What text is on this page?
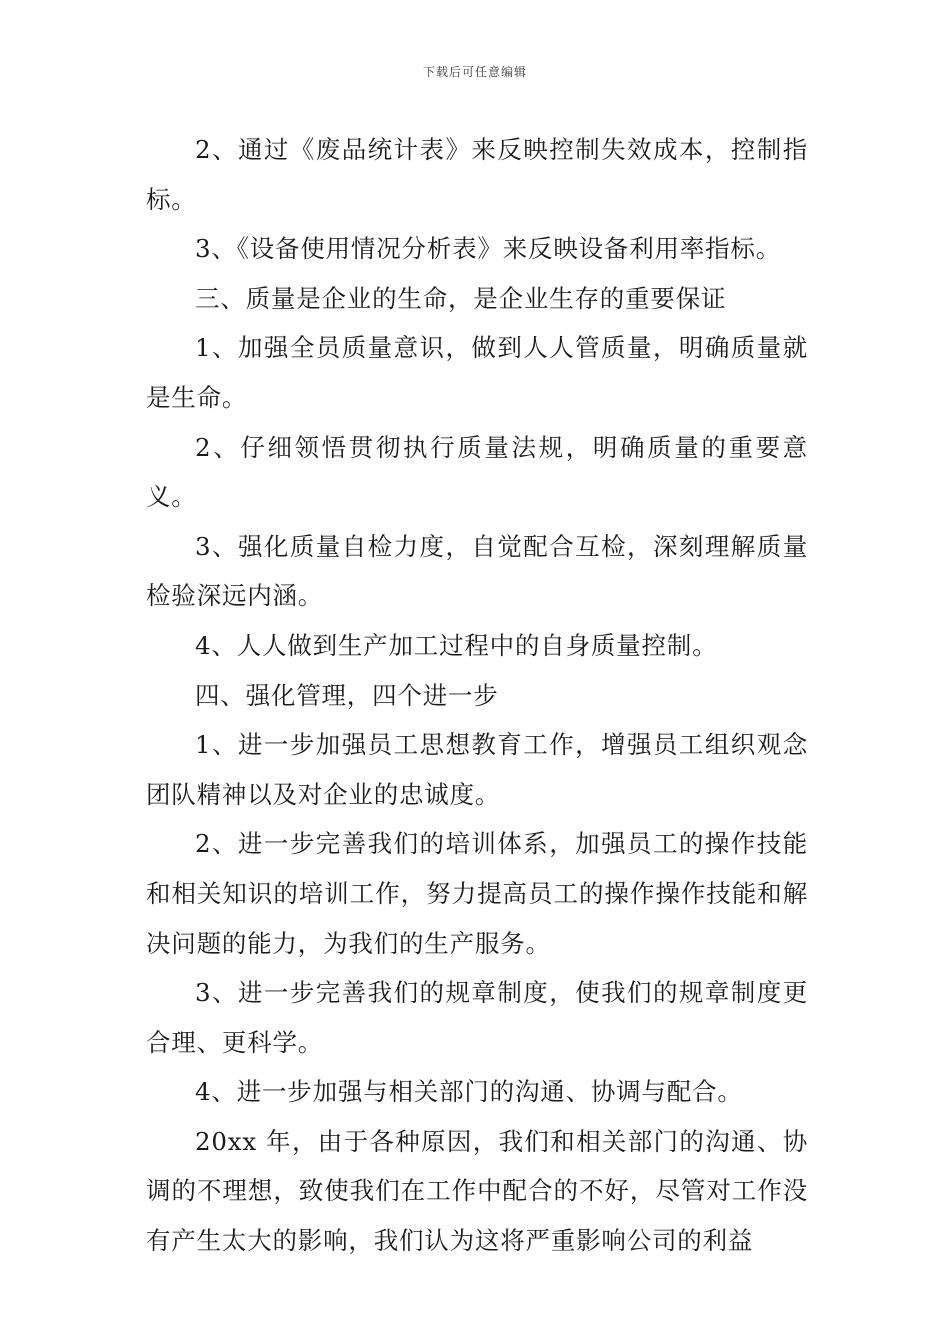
下载后可任意编辑

2、通过《废品统计表》来反映控制失效成本，控制指标。

3、《设备使用情况分析表》来反映设备利用率指标。

三、质量是企业的生命，是企业生存的重要保证

1、加强全员质量意识，做到人人管质量，明确质量就是生命。

2、仔细领悟贯彻执行质量法规，明确质量的重要意义。

3、强化质量自检力度，自觉配合互检，深刻理解质量检验深远内涵。

4、人人做到生产加工过程中的自身质量控制。

四、强化管理，四个进一步

1、进一步加强员工思想教育工作，增强员工组织观念团队精神以及对企业的忠诚度。

2、进一步完善我们的培训体系，加强员工的操作技能和相关知识的培训工作，努力提高员工的操作操作技能和解决问题的能力，为我们的生产服务。

3、进一步完善我们的规章制度，使我们的规章制度更合理、更科学。

4、进一步加强与相关部门的沟通、协调与配合。

20xx 年，由于各种原因，我们和相关部门的沟通、协调的不理想，致使我们在工作中配合的不好，尽管对工作没有产生太大的影响，我们认为这将严重影响公司的利益
